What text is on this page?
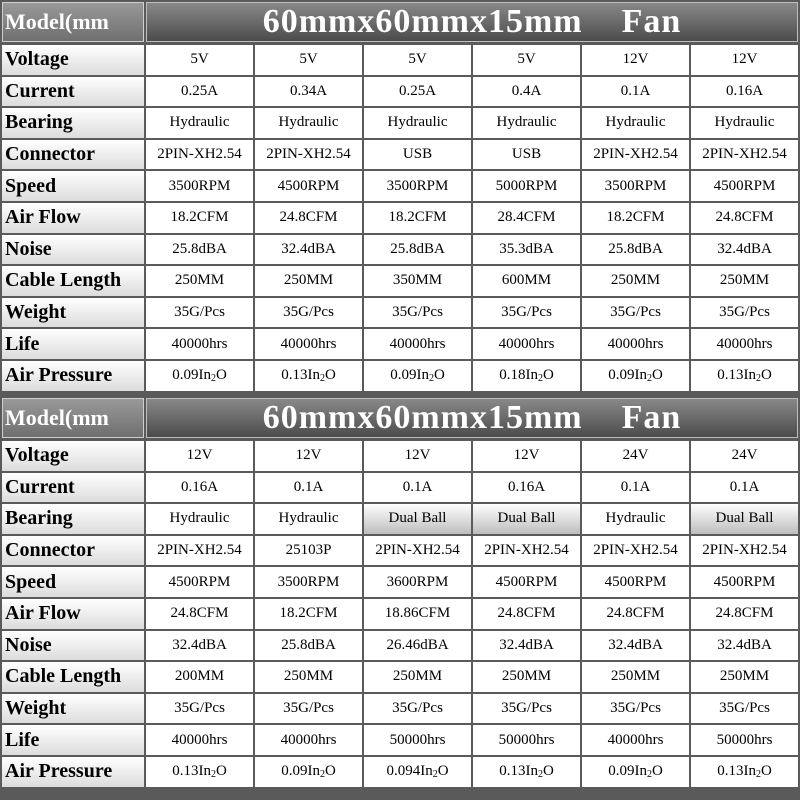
Model(mm	60mmx60mmx15mm  Fan
Voltage	5V	5V	5V	5V	12V	12V
Current	0.25A	0.34A	0.25A	0.4A	0.1A	0.16A
Bearing	Hydraulic	Hydraulic	Hydraulic	Hydraulic	Hydraulic	Hydraulic
Connector	2PIN-XH2.54	2PIN-XH2.54	USB	USB	2PIN-XH2.54	2PIN-XH2.54
Speed	3500RPM	4500RPM	3500RPM	5000RPM	3500RPM	4500RPM
Air Flow	18.2CFM	24.8CFM	18.2CFM	28.4CFM	18.2CFM	24.8CFM
Noise	25.8dBA	32.4dBA	25.8dBA	35.3dBA	25.8dBA	32.4dBA
Cable Length	250MM	250MM	350MM	600MM	250MM	250MM
Weight	35G/Pcs	35G/Pcs	35G/Pcs	35G/Pcs	35G/Pcs	35G/Pcs
Life	40000hrs	40000hrs	40000hrs	40000hrs	40000hrs	40000hrs
Air Pressure	0.09In 2 O	0.13In 2 O	0.09In 2 O	0.18In 2 O	0.09In 2 O	0.13In 2 O
Model(mm	60mmx60mmx15mm  Fan
Voltage	12V	12V	12V	12V	24V	24V
Current	0.16A	0.1A	0.1A	0.16A	0.1A	0.1A
Bearing	Hydraulic	Hydraulic	Dual Ball	Dual Ball	Hydraulic	Dual Ball
Connector	2PIN-XH2.54	25103P	2PIN-XH2.54	2PIN-XH2.54	2PIN-XH2.54	2PIN-XH2.54
Speed	4500RPM	3500RPM	3600RPM	4500RPM	4500RPM	4500RPM
Air Flow	24.8CFM	18.2CFM	18.86CFM	24.8CFM	24.8CFM	24.8CFM
Noise	32.4dBA	25.8dBA	26.46dBA	32.4dBA	32.4dBA	32.4dBA
Cable Length	200MM	250MM	250MM	250MM	250MM	250MM
Weight	35G/Pcs	35G/Pcs	35G/Pcs	35G/Pcs	35G/Pcs	35G/Pcs
Life	40000hrs	40000hrs	50000hrs	50000hrs	40000hrs	50000hrs
Air Pressure	0.13In 2 O	0.09In 2 O	0.094In 2 O	0.13In 2 O	0.09In 2 O	0.13In 2 O
